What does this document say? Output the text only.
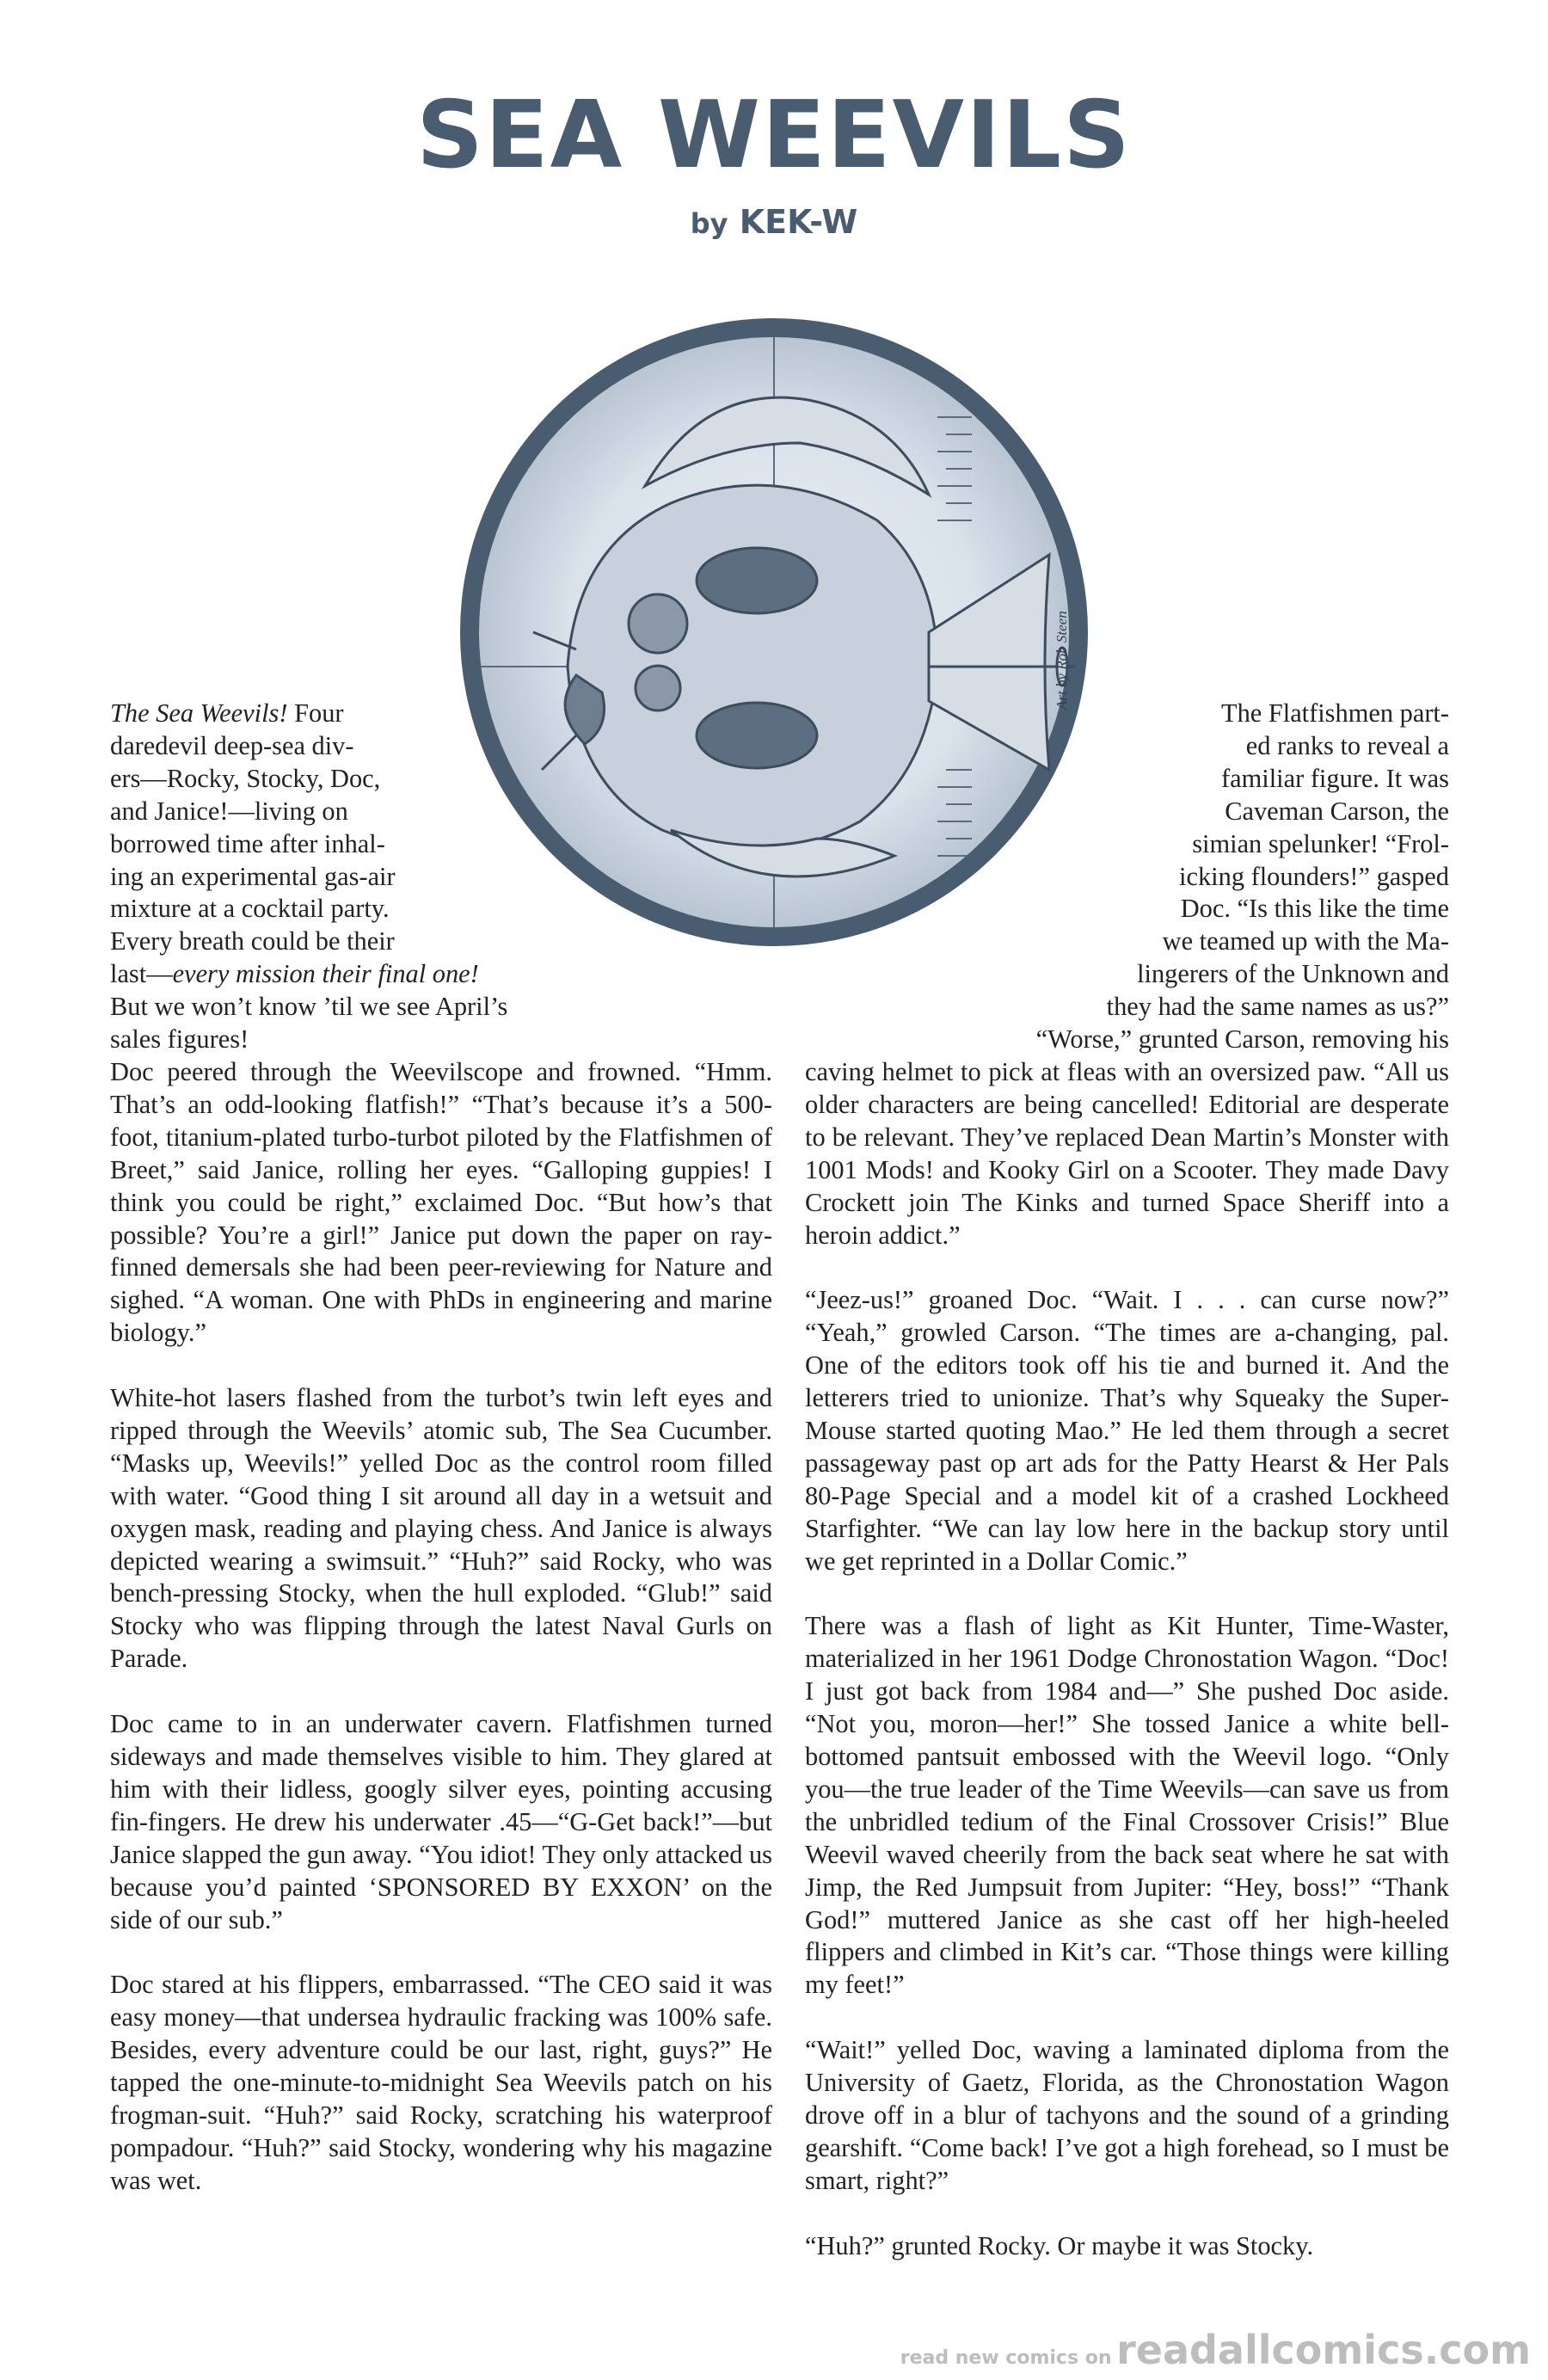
SEA WEEVILS
by KEK-W
Art by Rob Steen
The Sea Weevils! Four
daredevil deep-sea div-
ers—Rocky, Stocky, Doc,
and Janice!—living on
borrowed time after inhal-
ing an experimental gas-air
mixture at a cocktail party.
Every breath could be their
last—every mission their final one!
But we won’t know ’til we see April’s
sales figures!
The Flatfishmen part-
ed ranks to reveal a
familiar figure. It was
Caveman Carson, the
simian spelunker! “Frol-
icking flounders!” gasped
Doc. “Is this like the time
we teamed up with the Ma-
lingerers of the Unknown and
they had the same names as us?”
“Worse,” grunted Carson, removing his

Doc peered through the Weevilscope and frowned. “Hmm. That’s an odd-looking flatfish!” “That’s because it’s a 500-foot, titanium-plated turbo-turbot piloted by the Flatfishmen of Breet,” said Janice, rolling her eyes. “Galloping guppies! I think you could be right,” exclaimed Doc. “But how’s that possible? You’re a girl!” Janice put down the paper on ray-finned demersals she had been peer-reviewing for Nature and sighed. “A woman. One with PhDs in engineering and marine biology.”

White-hot lasers flashed from the turbot’s twin left eyes and ripped through the Weevils’ atomic sub, The Sea Cucumber. “Masks up, Weevils!” yelled Doc as the control room filled with water. “Good thing I sit around all day in a wetsuit and oxygen mask, reading and playing chess. And Janice is always depicted wearing a swimsuit.” “Huh?” said Rocky, who was bench-pressing Stocky, when the hull exploded. “Glub!” said Stocky who was flipping through the latest Naval Gurls on Parade.

Doc came to in an underwater cavern. Flatfishmen turned sideways and made themselves visible to him. They glared at him with their lidless, googly silver eyes, pointing accusing fin-fingers. He drew his underwater .45—“G-Get back!”—but Janice slapped the gun away. “You idiot! They only attacked us because you’d painted ‘SPONSORED BY EXXON’ on the side of our sub.”

Doc stared at his flippers, embarrassed. “The CEO said it was easy money—that undersea hydraulic fracking was 100% safe. Besides, every adventure could be our last, right, guys?” He tapped the one-minute-to-midnight Sea Weevils patch on his frogman-suit. “Huh?” said Rocky, scratching his waterproof pompadour. “Huh?” said Stocky, wondering why his magazine was wet.

caving helmet to pick at fleas with an oversized paw. “All us older characters are being cancelled! Editorial are desperate to be relevant. They’ve replaced Dean Martin’s Monster with 1001 Mods! and Kooky Girl on a Scooter. They made Davy Crockett join The Kinks and turned Space Sheriff into a heroin addict.”

“Jeez-us!” groaned Doc. “Wait. I . . . can curse now?” “Yeah,” growled Carson. “The times are a-changing, pal. One of the editors took off his tie and burned it. And the letterers tried to unionize. That’s why Squeaky the Super-Mouse started quoting Mao.” He led them through a secret passageway past op art ads for the Patty Hearst & Her Pals 80-Page Special and a model kit of a crashed Lockheed Starfighter. “We can lay low here in the backup story until we get reprinted in a Dollar Comic.”

There was a flash of light as Kit Hunter, Time-Waster, materialized in her 1961 Dodge Chronostation Wagon. “Doc! I just got back from 1984 and—” She pushed Doc aside. “Not you, moron—her!” She tossed Janice a white bell-bottomed pantsuit embossed with the Weevil logo. “Only you—the true leader of the Time Weevils—can save us from the unbridled tedium of the Final Crossover Crisis!” Blue Weevil waved cheerily from the back seat where he sat with Jimp, the Red Jumpsuit from Jupiter: “Hey, boss!” “Thank God!” muttered Janice as she cast off her high-heeled flippers and climbed in Kit’s car. “Those things were killing my feet!”

“Wait!” yelled Doc, waving a laminated diploma from the University of Gaetz, Florida, as the Chronostation Wagon drove off in a blur of tachyons and the sound of a grinding gearshift. “Come back! I’ve got a high forehead, so I must be smart, right?”

“Huh?” grunted Rocky. Or maybe it was Stocky.

read new comics on readallcomics.com
